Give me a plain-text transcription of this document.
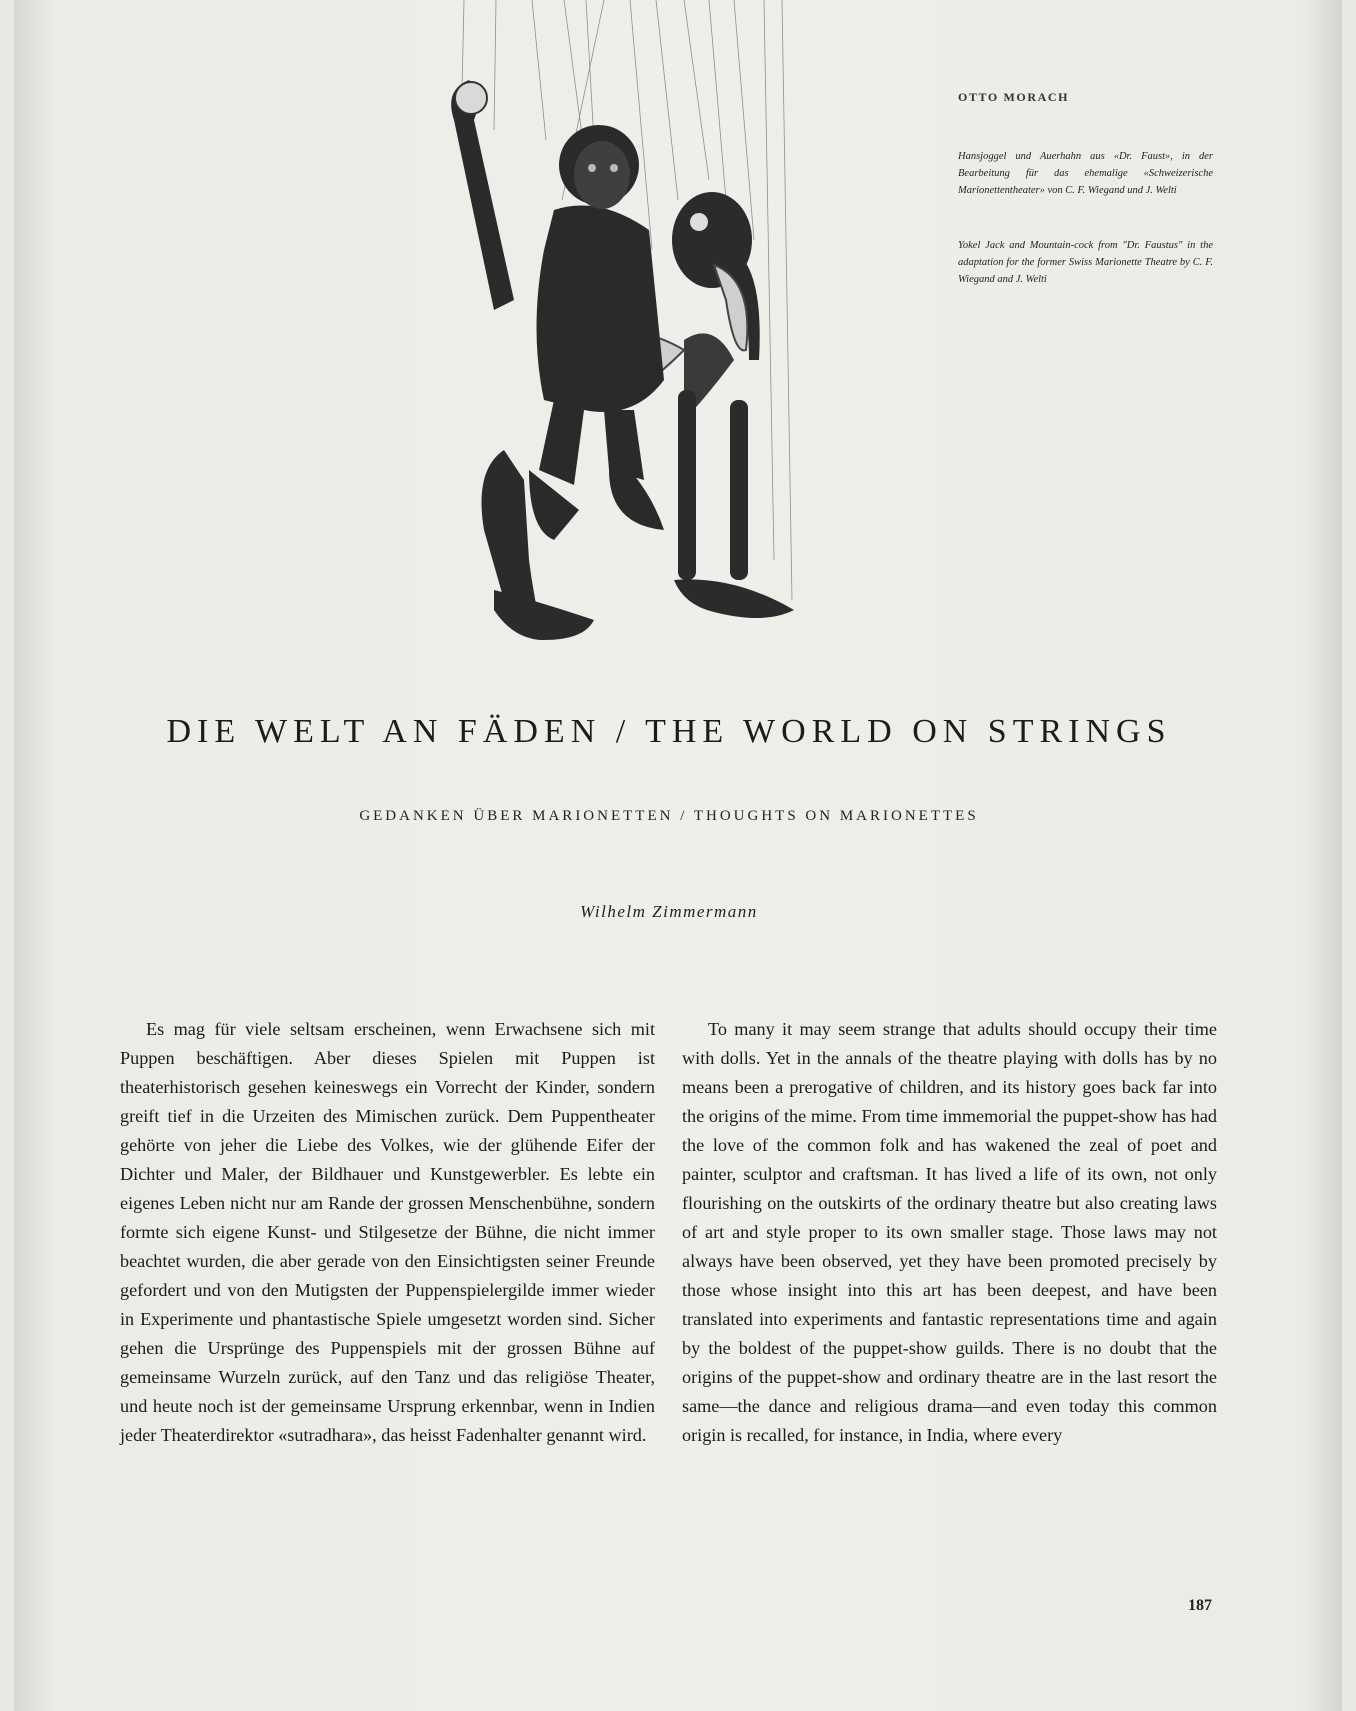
OTTO MORACH
Hansjoggel und Auerhahn aus «Dr. Faust», in der Bearbeitung für das ehemalige «Schweizerische Marionettentheater» von C. F. Wiegand und J. Welti
Yokel Jack and Mountain-cock from "Dr. Faustus" in the adaptation for the former Swiss Marionette Theatre by C. F. Wiegand and J. Welti
DIE WELT AN FÄDEN / THE WORLD ON STRINGS
GEDANKEN ÜBER MARIONETTEN / THOUGHTS ON MARIONETTES
Wilhelm Zimmermann

Es mag für viele seltsam erscheinen, wenn Erwachsene sich mit Puppen beschäftigen. Aber dieses Spielen mit Puppen ist theaterhistorisch gesehen keineswegs ein Vorrecht der Kinder, sondern greift tief in die Urzeiten des Mimischen zurück. Dem Puppentheater gehörte von jeher die Liebe des Volkes, wie der glühende Eifer der Dichter und Maler, der Bildhauer und Kunstgewerbler. Es lebte ein eigenes Leben nicht nur am Rande der grossen Menschenbühne, sondern formte sich eigene Kunst- und Stilgesetze der Bühne, die nicht immer beachtet wurden, die aber gerade von den Einsichtigsten seiner Freunde gefordert und von den Mutigsten der Puppenspielergilde immer wieder in Experimente und phantastische Spiele umgesetzt worden sind. Sicher gehen die Ursprünge des Puppenspiels mit der grossen Bühne auf gemeinsame Wurzeln zurück, auf den Tanz und das religiöse Theater, und heute noch ist der gemeinsame Ursprung erkennbar, wenn in Indien jeder Theaterdirektor «sutradhara», das heisst Fadenhalter genannt wird.

To many it may seem strange that adults should occupy their time with dolls. Yet in the annals of the theatre playing with dolls has by no means been a prerogative of children, and its history goes back far into the origins of the mime. From time immemorial the puppet-show has had the love of the common folk and has wakened the zeal of poet and painter, sculptor and craftsman. It has lived a life of its own, not only flourishing on the outskirts of the ordinary theatre but also creating laws of art and style proper to its own smaller stage. Those laws may not always have been observed, yet they have been promoted precisely by those whose insight into this art has been deepest, and have been translated into experiments and fantastic representations time and again by the boldest of the puppet-show guilds. There is no doubt that the origins of the puppet-show and ordinary theatre are in the last resort the same—the dance and religious drama—and even today this common origin is recalled, for instance, in India, where every

187
